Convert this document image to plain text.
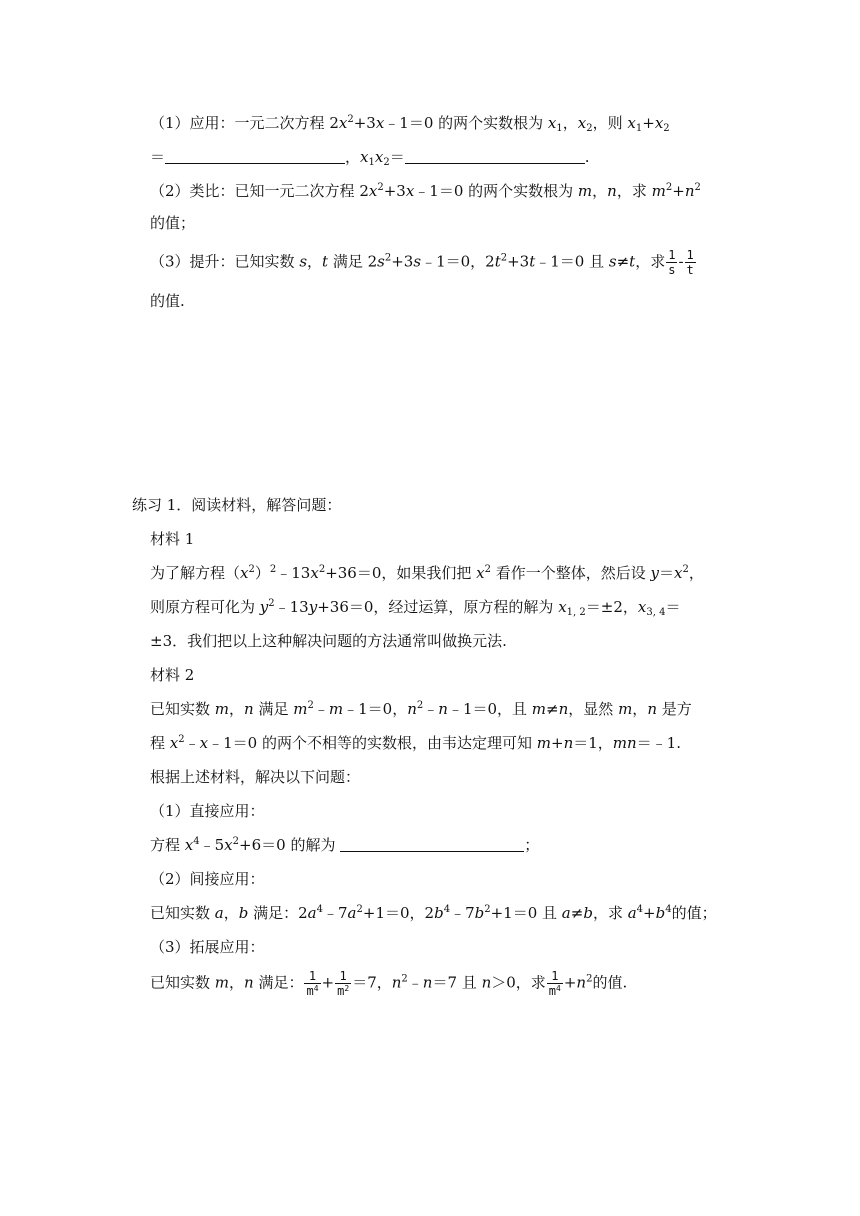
（1）应用：一元二次方程 $2x^2+3x﹣1=0$ 的两个实数根为 $x_1$，$x_2$，则 $x_1+x_2$
＝	，$x_1x_2=$	.
（2）类比：已知一元二次方程 $2x^2+3x﹣1=0$ 的两个实数根为 m，n，求 $m^2+n^2$
的值；
（3）提升：已知实数 s，t 满足 $2s^2+3s﹣1=0$，$2t^2+3t﹣1=0$ 且 s≠t，求 $\frac{1}{s} - \frac{1}{t}$
的值.
练习 1．阅读材料，解答问题：
材料 1
为了解方程$(x^2)^2﹣13x^2+36=0$，如果我们把 $x^2$ 看作一个整体，然后设 $y=x^2$，
则原方程可化为 $y^2﹣13y+36=0$，经过运算，原方程的解为 $x_{1, 2}=\pm 2$，$x_{3, 4}=$
±3．我们把以上这种解决问题的方法通常叫做换元法.
材料 2
已知实数 m，n 满足 $m^2﹣m﹣1=0$，$n^2﹣n﹣1=0$，且 m≠n，显然 m，n 是方
程 $x^2﹣x﹣1=0$ 的两个不相等的实数根，由韦达定理可知 m+n＝1，mn＝﹣1.
根据上述材料，解决以下问题：
（1）直接应用：
方程 $x^4﹣5x^2+6=0$ 的解为	；
（2）间接应用：
已知实数 a，b 满足：$2a^4﹣7a^2+1=0$，$2b^4﹣7b^2+1=0$ 且 a≠b，求 $a^4+b^4$的值；
（3）拓展应用：
已知实数 m，n 满足： $\frac{1}{m^4} + \frac{1}{m^2} =7$，$n^2﹣n=7$ 且 n＞0，求 $\frac{1}{m^4} +n^2$的值.
